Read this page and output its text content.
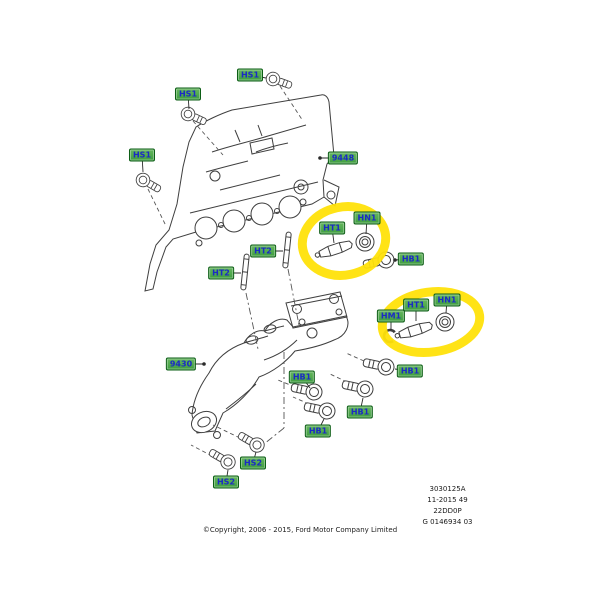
HS1
HS1
HS1	9448
HT2
HT2
HT1
HN1
HB1
HM1
HT1
HN1
9430
HB1
HB1
HB1
HB1
HS2
HS2
©Copyright, 2006 - 2015, Ford Motor Company Limited
3030125A
11-2015 49
22DD0P
G 0146934 03
